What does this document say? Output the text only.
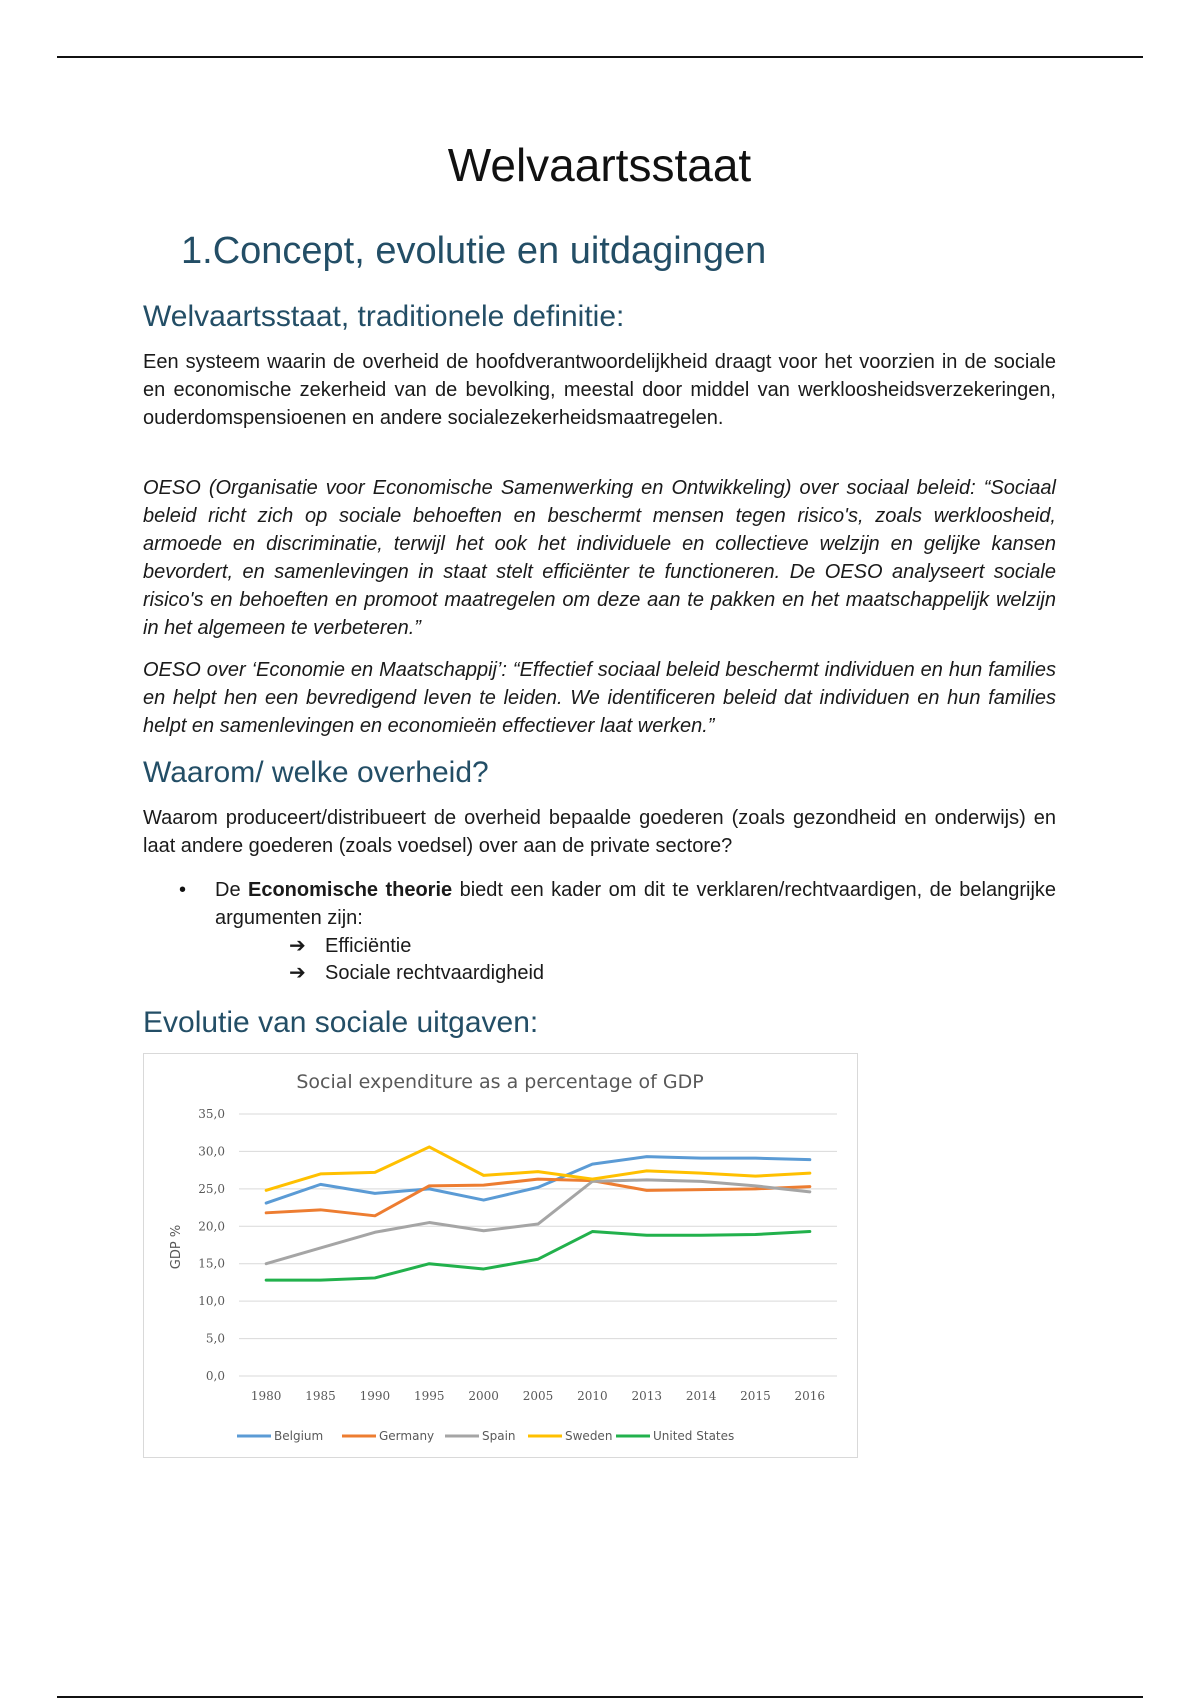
Welvaartsstaat
1.Concept, evolutie en uitdagingen
Welvaartsstaat, traditionele definitie:

Een systeem waarin de overheid de hoofdverantwoordelijkheid draagt voor het voorzien in de sociale en economische zekerheid van de bevolking, meestal door middel van werkloosheidsverzekeringen, ouderdomspensioenen en andere socialezekerheidsmaatregelen.

OESO (Organisatie voor Economische Samenwerking en Ontwikkeling) over sociaal beleid: “Sociaal beleid richt zich op sociale behoeften en beschermt mensen tegen risico's, zoals werkloosheid, armoede en discriminatie, terwijl het ook het individuele en collectieve welzijn en gelijke kansen bevordert, en samenlevingen in staat stelt efficiënter te functioneren. De OESO analyseert sociale risico's en behoeften en promoot maatregelen om deze aan te pakken en het maatschappelijk welzijn in het algemeen te verbeteren.”

OESO over ‘Economie en Maatschappij’: “Effectief sociaal beleid beschermt individuen en hun families en helpt hen een bevredigend leven te leiden. We identificeren beleid dat individuen en hun families helpt en samenlevingen en economieën effectiever laat werken.”

Waarom/ welke overheid?

Waarom produceert/distribueert de overheid bepaalde goederen (zoals gezondheid en onderwijs) en laat andere goederen (zoals voedsel) over aan de private sectore?

• De Economische theorie biedt een kader om dit te verklaren/rechtvaardigen, de belangrijke argumenten zijn:
➔ Efficiëntie
➔ Sociale rechtvaardigheid
Evolutie van sociale uitgaven:
Social expenditure as a percentage of GDP
GDP %
0,0
5,0
10,0
15,0
20,0
25,0
30,0
35,0
1980 1985 1990 1995 2000 2005 2010 2013 2014 2015 2016
Belgium	Germany	Spain	Sweden	United States
